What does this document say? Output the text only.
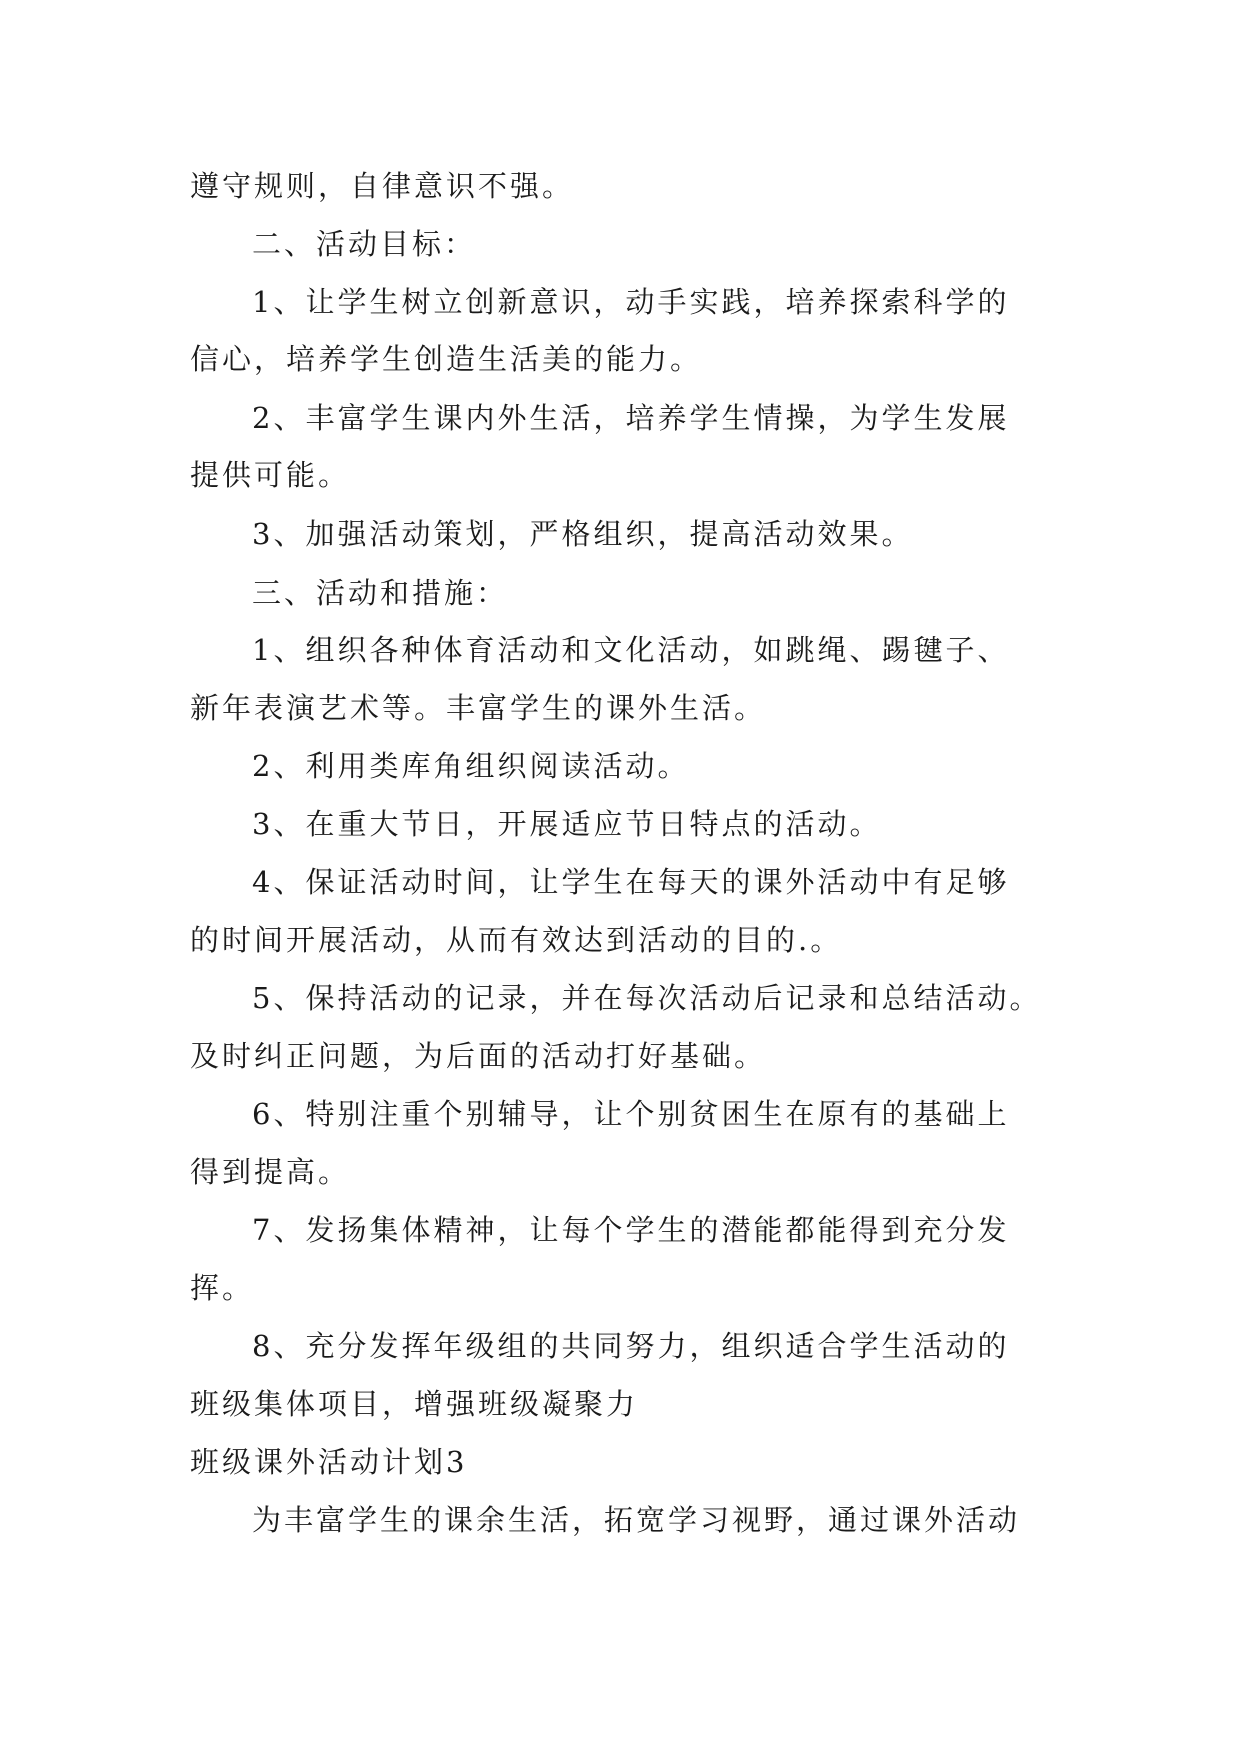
遵守规则，自律意识不强。
二、活动目标：
1、让学生树立创新意识，动手实践，培养探索科学的
信心，培养学生创造生活美的能力。
2、丰富学生课内外生活，培养学生情操，为学生发展
提供可能。
3、加强活动策划，严格组织，提高活动效果。
三、活动和措施：
1、组织各种体育活动和文化活动，如跳绳、踢毽子、
新年表演艺术等。丰富学生的课外生活。
2、利用类库角组织阅读活动。
3、在重大节日，开展适应节日特点的活动。
4、保证活动时间，让学生在每天的课外活动中有足够
的时间开展活动，从而有效达到活动的目的.。
5、保持活动的记录，并在每次活动后记录和总结活动。
及时纠正问题，为后面的活动打好基础。
6、特别注重个别辅导，让个别贫困生在原有的基础上
得到提高。
7、发扬集体精神，让每个学生的潜能都能得到充分发
挥。
8、充分发挥年级组的共同努力，组织适合学生活动的
班级集体项目，增强班级凝聚力
班级课外活动计划3
为丰富学生的课余生活，拓宽学习视野，通过课外活动
